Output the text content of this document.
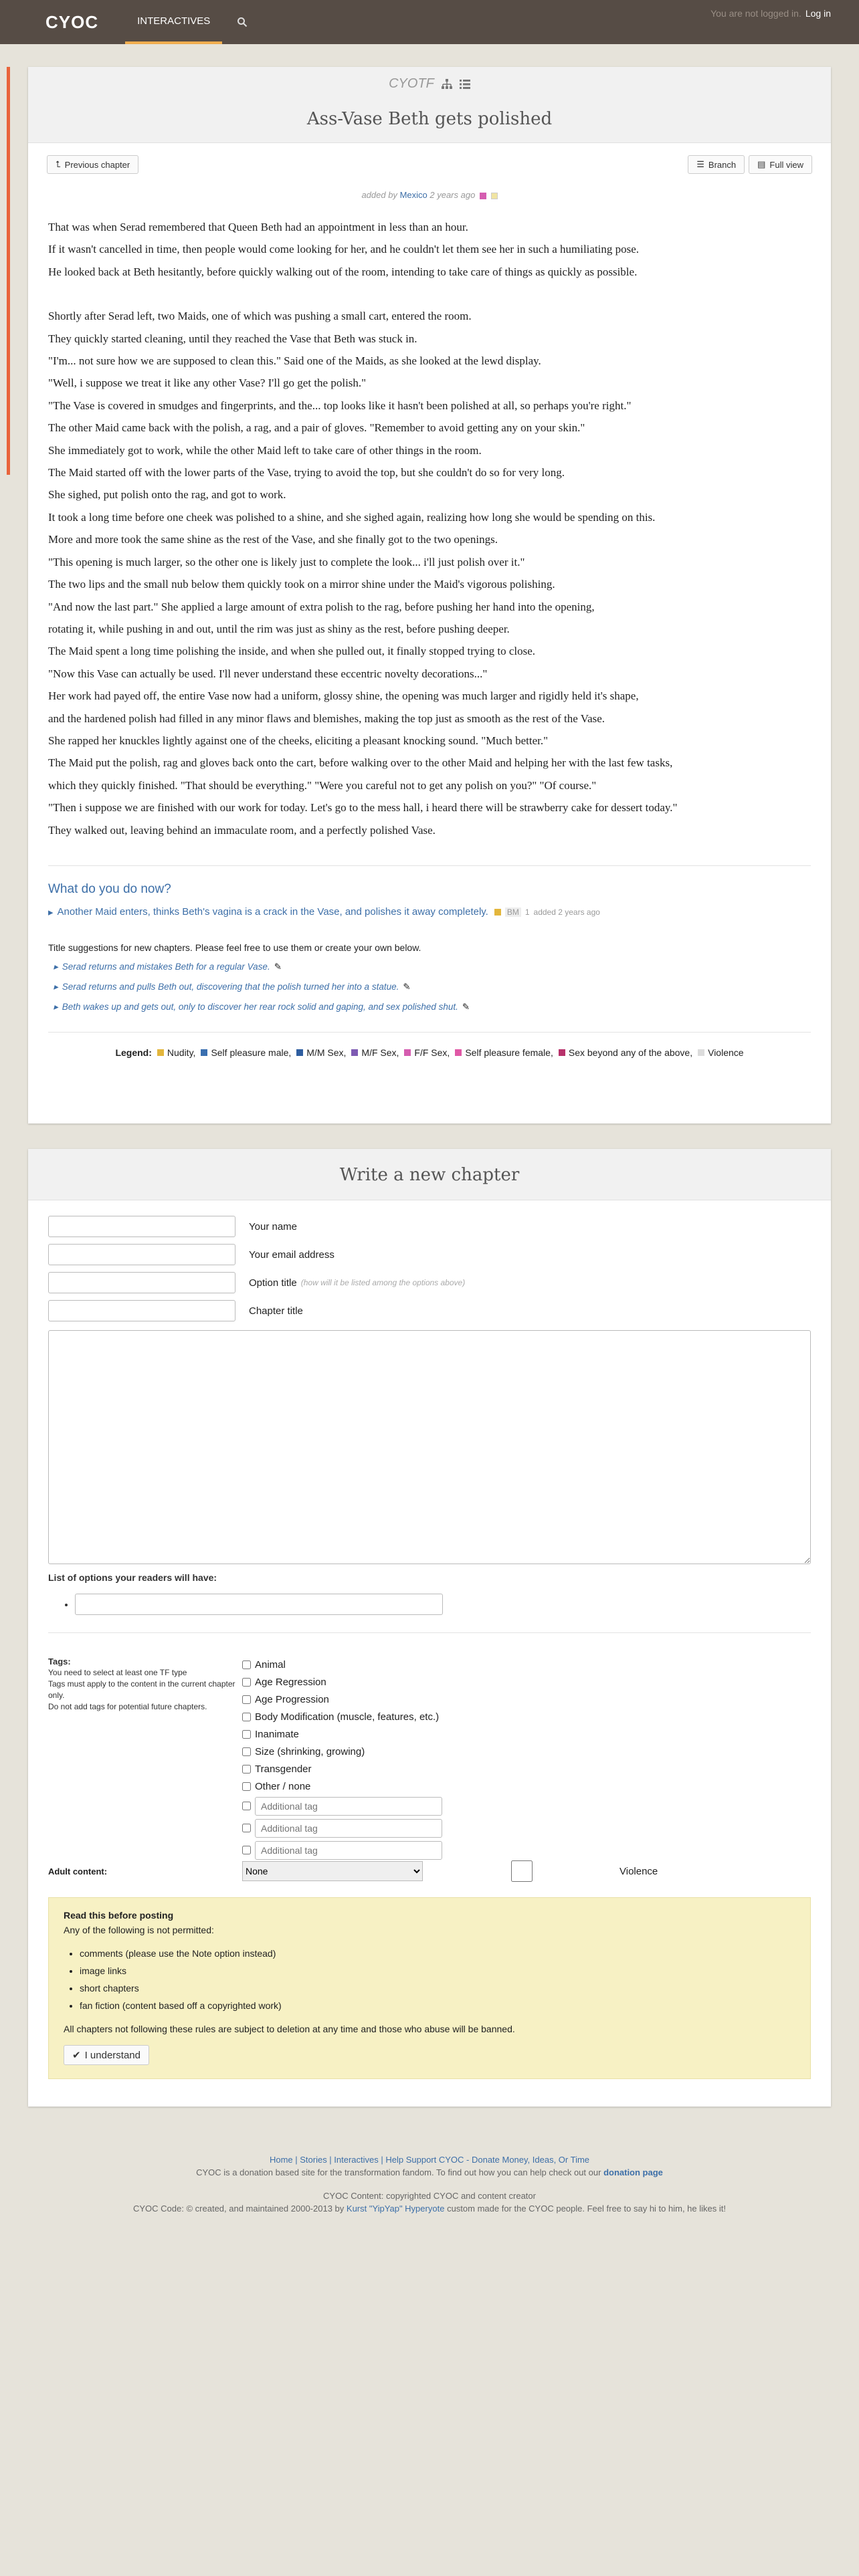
CYOC	INTERACTIVES
You are not logged in. Log in
CYOTF
Ass-Vase Beth gets polished
⮤ Previous chapter	☰ Branch ▤ Full view
added by Mexico 2 years ago

That was when Serad remembered that Queen Beth had an appointment in less than an hour.

If it wasn't cancelled in time, then people would come looking for her, and he couldn't let them see her in such a humiliating pose.

He looked back at Beth hesitantly, before quickly walking out of the room, intending to take care of things as quickly as possible.

Shortly after Serad left, two Maids, one of which was pushing a small cart, entered the room.

They quickly started cleaning, until they reached the Vase that Beth was stuck in.

"I'm... not sure how we are supposed to clean this." Said one of the Maids, as she looked at the lewd display.

"Well, i suppose we treat it like any other Vase? I'll go get the polish."

"The Vase is covered in smudges and fingerprints, and the... top looks like it hasn't been polished at all, so perhaps you're right."

The other Maid came back with the polish, a rag, and a pair of gloves. "Remember to avoid getting any on your skin."

She immediately got to work, while the other Maid left to take care of other things in the room.

The Maid started off with the lower parts of the Vase, trying to avoid the top, but she couldn't do so for very long.

She sighed, put polish onto the rag, and got to work.

It took a long time before one cheek was polished to a shine, and she sighed again, realizing how long she would be spending on this.

More and more took the same shine as the rest of the Vase, and she finally got to the two openings.

"This opening is much larger, so the other one is likely just to complete the look... i'll just polish over it."

The two lips and the small nub below them quickly took on a mirror shine under the Maid's vigorous polishing.

"And now the last part." She applied a large amount of extra polish to the rag, before pushing her hand into the opening,

rotating it, while pushing in and out, until the rim was just as shiny as the rest, before pushing deeper.

The Maid spent a long time polishing the inside, and when she pulled out, it finally stopped trying to close.

"Now this Vase can actually be used. I'll never understand these eccentric novelty decorations..."

Her work had payed off, the entire Vase now had a uniform, glossy shine, the opening was much larger and rigidly held it's shape,

and the hardened polish had filled in any minor flaws and blemishes, making the top just as smooth as the rest of the Vase.

She rapped her knuckles lightly against one of the cheeks, eliciting a pleasant knocking sound. "Much better."

The Maid put the polish, rag and gloves back onto the cart, before walking over to the other Maid and helping her with the last few tasks,

which they quickly finished. "That should be everything." "Were you careful not to get any polish on you?" "Of course."

"Then i suppose we are finished with our work for today. Let's go to the mess hall, i heard there will be strawberry cake for dessert today."

They walked out, leaving behind an immaculate room, and a perfectly polished Vase.

What do you do now?
▸ Another Maid enters, thinks Beth's vagina is a crack in the Vase, and polishes it away completely. BM 1 added 2 years ago
Title suggestions for new chapters. Please feel free to use them or create your own below.
▸ Serad returns and mistakes Beth for a regular Vase. ✎
▸ Serad returns and pulls Beth out, discovering that the polish turned her into a statue. ✎
▸ Beth wakes up and gets out, only to discover her rear rock solid and gaping, and sex polished shut. ✎
Legend: Nudity, Self pleasure male, M/M Sex, M/F Sex, F/F Sex, Self pleasure female, Sex beyond any of the above, Violence
Write a new chapter
Your name
Your email address
Option title (how will it be listed among the options above)
Chapter title
List of options your readers will have:
•
Tags:
You need to select at least one TF type
Tags must apply to the content in the current chapter only.
Do not add tags for potential future chapters.
Animal
Age Regression
Age Progression
Body Modification (muscle, features, etc.)
Inanimate
Size (shrinking, growing)
Transgender
Other / none
Additional tag
Additional tag
Additional tag
Adult content:
None	Violence
Read this before posting
Any of the following is not permitted:
• comments (please use the Note option instead)
• image links
• short chapters
• fan fiction (content based off a copyrighted work)
All chapters not following these rules are subject to deletion at any time and those who abuse will be banned.
✔ I understand
Home | Stories | Interactives | Help Support CYOC - Donate Money, Ideas, Or Time
CYOC is a donation based site for the transformation fandom. To find out how you can help check out our donation page
CYOC Content: copyrighted CYOC and content creator
CYOC Code: © created, and maintained 2000-2013 by Kurst "YipYap" Hyperyote custom made for the CYOC people. Feel free to say hi to him, he likes it!
